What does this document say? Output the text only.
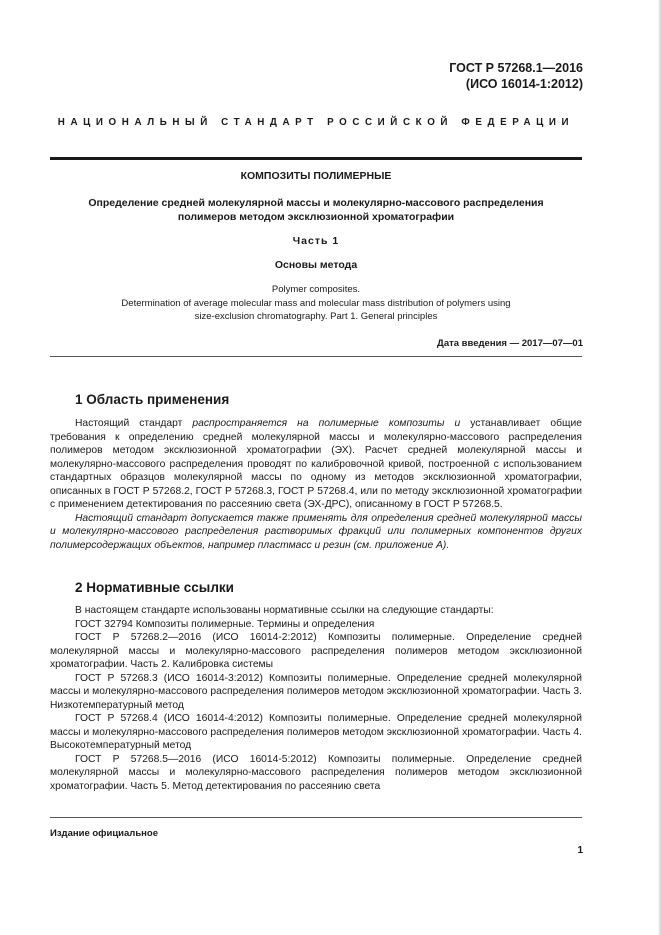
ГОСТ Р 57268.1—2016
(ИСО 16014-1:2012)
НАЦИОНАЛЬНЫЙ СТАНДАРТ РОССИЙСКОЙ ФЕДЕРАЦИИ
КОМПОЗИТЫ ПОЛИМЕРНЫЕ
Определение средней молекулярной массы и молекулярно-массового распределения
полимеров методом эксклюзионной хроматографии
Часть 1
Основы метода
Polymer composites.
Determination of average molecular mass and molecular mass distribution of polymers using
size-exclusion chromatography. Part 1. General principles
Дата введения — 2017—07—01
1 Область применения

Настоящий стандарт распространяется на полимерные композиты и устанавливает общие требования к определению средней молекулярной массы и молекулярно-массового распределения полимеров методом эксклюзионной хроматографии (ЭХ). Расчет средней молекулярной массы и молекулярно-массового распределения проводят по калибровочной кривой, построенной с использованием стандартных образцов молекулярной массы по одному из методов эксклюзионной хроматографии, описанных в ГОСТ Р 57268.2, ГОСТ Р 57268.3, ГОСТ Р 57268.4, или по методу эксклюзионной хроматографии с применением детектирования по рассеянию света (ЭХ-ДРС), описанному в ГОСТ Р 57268.5.

Настоящий стандарт допускается также применять для определения средней молекулярной массы и молекулярно-массового распределения растворимых фракций или полимерных компонентов других полимерсодержащих объектов, например пластмасс и резин (см. приложение А).

2 Нормативные ссылки

В настоящем стандарте использованы нормативные ссылки на следующие стандарты:

ГОСТ 32794 Композиты полимерные. Термины и определения

ГОСТ Р 57268.2—2016 (ИСО 16014-2:2012) Композиты полимерные. Определение средней молекулярной массы и молекулярно-массового распределения полимеров методом эксклюзионной хроматографии. Часть 2. Калибровка системы

ГОСТ Р 57268.3 (ИСО 16014-3:2012) Композиты полимерные. Определение средней молекулярной массы и молекулярно-массового распределения полимеров методом эксклюзионной хроматографии. Часть 3. Низкотемпературный метод

ГОСТ Р 57268.4 (ИСО 16014-4:2012) Композиты полимерные. Определение средней молекулярной массы и молекулярно-массового распределения полимеров методом эксклюзионной хроматографии. Часть 4. Высокотемпературный метод

ГОСТ Р 57268.5—2016 (ИСО 16014-5:2012) Композиты полимерные. Определение средней молекулярной массы и молекулярно-массового распределения полимеров методом эксклюзионной хроматографии. Часть 5. Метод детектирования по рассеянию света

Издание официальное
1
